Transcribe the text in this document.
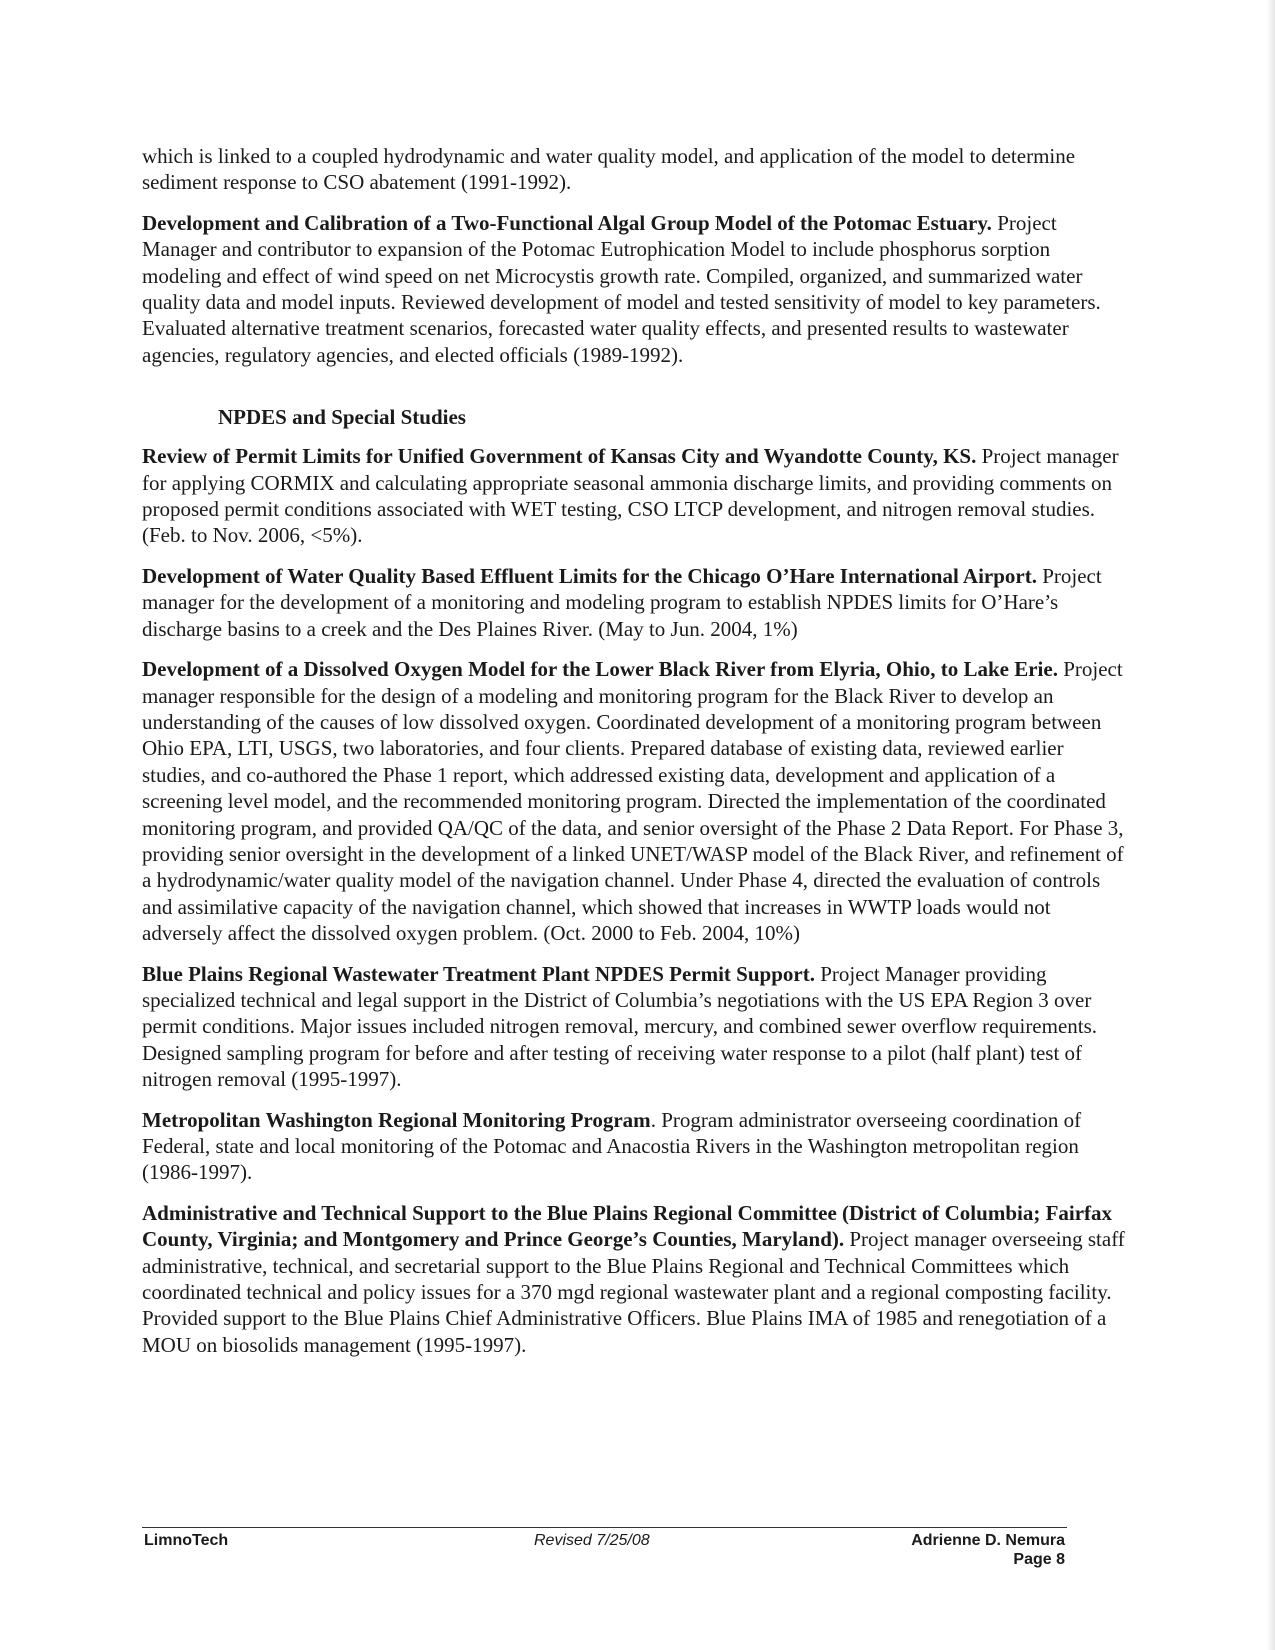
which is linked to a coupled hydrodynamic and water quality model, and application of the model to determine sediment response to CSO abatement (1991-1992).

Development and Calibration of a Two-Functional Algal Group Model of the Potomac Estuary. Project Manager and contributor to expansion of the Potomac Eutrophication Model to include phosphorus sorption modeling and effect of wind speed on net Microcystis growth rate. Compiled, organized, and summarized water quality data and model inputs. Reviewed development of model and tested sensitivity of model to key parameters. Evaluated alternative treatment scenarios, forecasted water quality effects, and presented results to wastewater agencies, regulatory agencies, and elected officials (1989-1992).

NPDES and Special Studies

Review of Permit Limits for Unified Government of Kansas City and Wyandotte County, KS. Project manager for applying CORMIX and calculating appropriate seasonal ammonia discharge limits, and providing comments on proposed permit conditions associated with WET testing, CSO LTCP development, and nitrogen removal studies. (Feb. to Nov. 2006, <5%).

Development of Water Quality Based Effluent Limits for the Chicago O’Hare International Airport. Project manager for the development of a monitoring and modeling program to establish NPDES limits for O’Hare’s discharge basins to a creek and the Des Plaines River. (May to Jun. 2004, 1%)

Development of a Dissolved Oxygen Model for the Lower Black River from Elyria, Ohio, to Lake Erie. Project manager responsible for the design of a modeling and monitoring program for the Black River to develop an understanding of the causes of low dissolved oxygen. Coordinated development of a monitoring program between Ohio EPA, LTI, USGS, two laboratories, and four clients. Prepared database of existing data, reviewed earlier studies, and co-authored the Phase 1 report, which addressed existing data, development and application of a screening level model, and the recommended monitoring program. Directed the implementation of the coordinated monitoring program, and provided QA/QC of the data, and senior oversight of the Phase 2 Data Report. For Phase 3, providing senior oversight in the development of a linked UNET/WASP model of the Black River, and refinement of a hydrodynamic/water quality model of the navigation channel. Under Phase 4, directed the evaluation of controls and assimilative capacity of the navigation channel, which showed that increases in WWTP loads would not adversely affect the dissolved oxygen problem. (Oct. 2000 to Feb. 2004, 10%)

Blue Plains Regional Wastewater Treatment Plant NPDES Permit Support. Project Manager providing specialized technical and legal support in the District of Columbia’s negotiations with the US EPA Region 3 over permit conditions. Major issues included nitrogen removal, mercury, and combined sewer overflow requirements. Designed sampling program for before and after testing of receiving water response to a pilot (half plant) test of nitrogen removal (1995-1997).

Metropolitan Washington Regional Monitoring Program. Program administrator overseeing coordination of Federal, state and local monitoring of the Potomac and Anacostia Rivers in the Washington metropolitan region (1986-1997).

Administrative and Technical Support to the Blue Plains Regional Committee (District of Columbia; Fairfax County, Virginia; and Montgomery and Prince George’s Counties, Maryland). Project manager overseeing staff administrative, technical, and secretarial support to the Blue Plains Regional and Technical Committees which coordinated technical and policy issues for a 370 mgd regional wastewater plant and a regional composting facility. Provided support to the Blue Plains Chief Administrative Officers. Blue Plains IMA of 1985 and renegotiation of a MOU on biosolids management (1995-1997).

LimnoTech	Revised 7/25/08	Adrienne D. Nemura
Page 8
